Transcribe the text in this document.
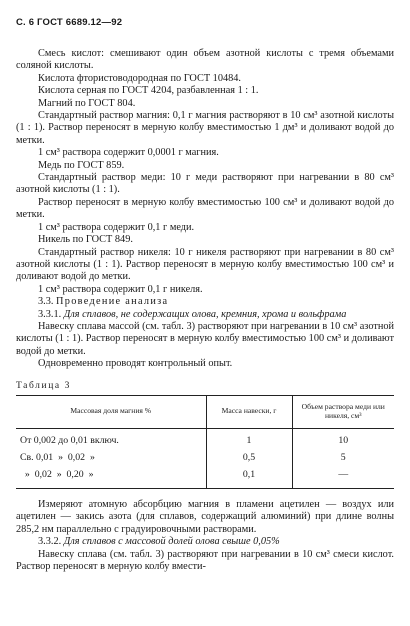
С. 6 ГОСТ 6689.12—92

Смесь кислот: смешивают один объем азотной кислоты с тремя объемами соляной кислоты.

Кислота фтористоводородная по ГОСТ 10484.

Кислота серная по ГОСТ 4204, разбавленная 1 : 1.

Магний по ГОСТ 804.

Стандартный раствор магния: 0,1 г магния растворяют в 10 см³ азотной кислоты (1 : 1). Раствор переносят в мерную колбу вместимостью 1 дм³ и доливают водой до метки.

1 см³ раствора содержит 0,0001 г магния.

Медь по ГОСТ 859.

Стандартный раствор меди: 10 г меди растворяют при нагревании в 80 см³ азотной кислоты (1 : 1).

Раствор переносят в мерную колбу вместимостью 100 см³ и доливают водой до метки.

1 см³ раствора содержит 0,1 г меди.

Никель по ГОСТ 849.

Стандартный раствор никеля: 10 г никеля растворяют при нагревании в 80 см³ азотной кислоты (1 : 1). Раствор переносят в мерную колбу вместимостью 100 см³ и доливают водой до метки.

1 см³ раствора содержит 0,1 г никеля.

3.3. Проведение анализа

3.3.1. Для сплавов, не содержащих олова, кремния, хрома и вольфрама

Навеску сплава массой (см. табл. 3) растворяют при нагревании в 10 см³ азотной кислоты (1 : 1). Раствор переносят в мерную колбу вместимостью 100 см³ и доливают водой до метки.

Одновременно проводят контрольный опыт.

Таблица 3

Массовая доля магния %	Масса навески, г	Объем раствора меди или никеля, см³
От 0,002 до 0,01 включ.	1	10
Св. 0,01  »  0,02  »	0,5	5
»  0,02  »  0,20  »	0,1	—

Измеряют атомную абсорбцию магния в пламени ацетилен — воздух или ацетилен — закись азота (для сплавов, содержащий алюминий) при длине волны 285,2 нм параллельно с градуировочными растворами.

3.3.2. Для сплавов с массовой долей олова свыше 0,05%

Навеску сплава (см. табл. 3) растворяют при нагревании в 10 см³ смеси кислот. Раствор переносят в мерную колбу вмести-
